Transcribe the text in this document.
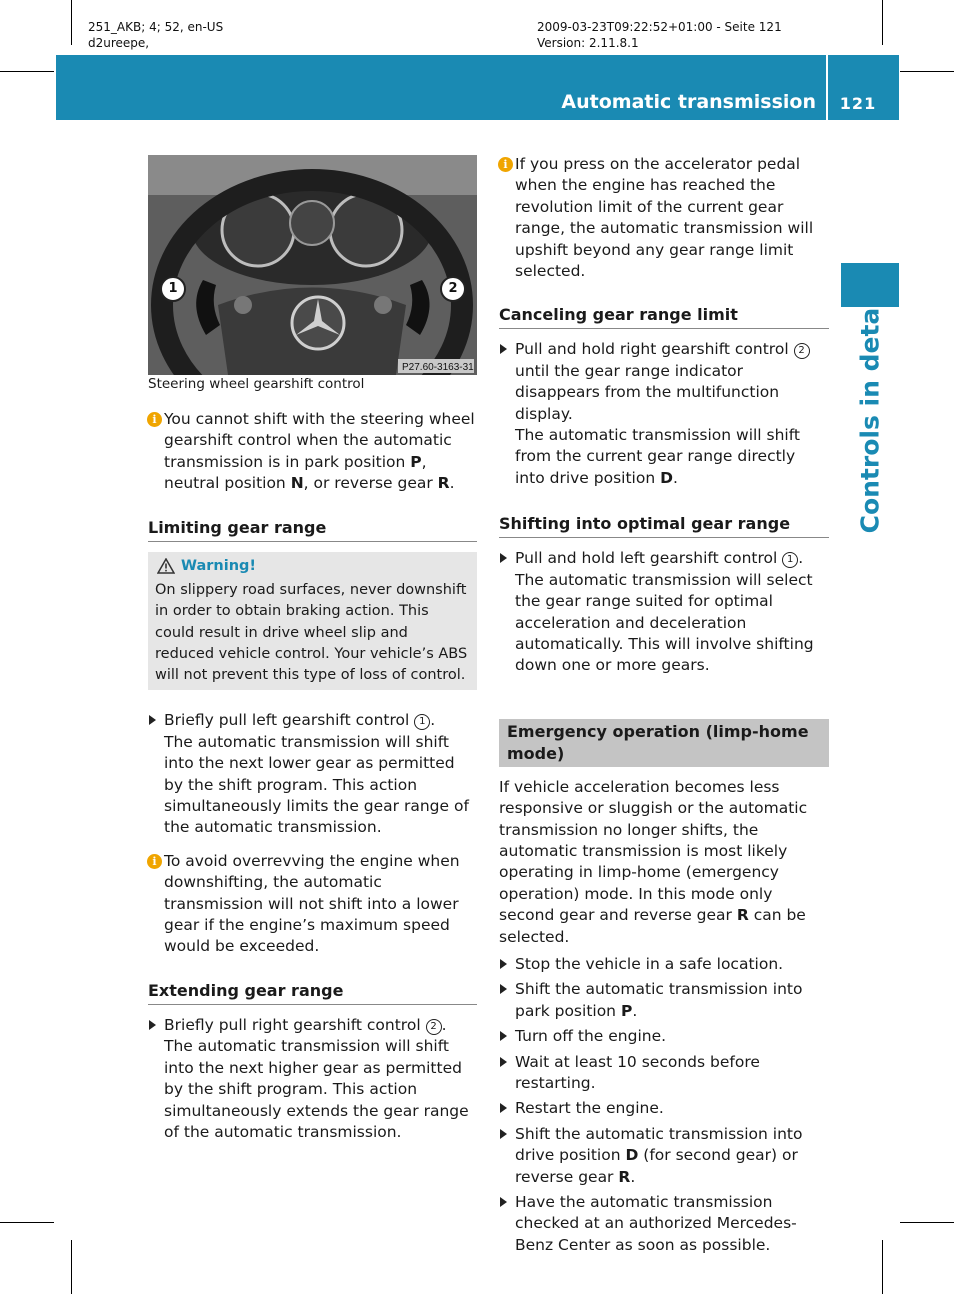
251_AKB; 4; 52, en-US
d2ureepe,
2009-03-23T09:22:52+01:00 - Seite 121
Version: 2.11.8.1
Automatic transmission	121
Controls in detail
P27.60-3163-31
1	2

Steering wheel gearshift control

i You cannot shift with the steering wheel gearshift control when the automatic transmission is in park position P, neutral position N, or reverse gear R.

Limiting gear range
Warning!
On slippery road surfaces, never downshift in order to obtain braking action. This could result in drive wheel slip and reduced vehicle control. Your vehicle’s ABS will not prevent this type of loss of control.

Briefly pull left gearshift control 1 .

The automatic transmission will shift into the next lower gear as permitted by the shift program. This action simultaneously limits the gear range of the automatic transmission.

i To avoid overrevving the engine when downshifting, the automatic transmission will not shift into a lower gear if the engine’s maximum speed would be exceeded.

Extending gear range

Briefly pull right gearshift control 2 .

The automatic transmission will shift into the next higher gear as permitted by the shift program. This action simultaneously extends the gear range of the automatic transmission.

i If you press on the accelerator pedal when the engine has reached the revolution limit of the current gear range, the automatic transmission will upshift beyond any gear range limit selected.

Canceling gear range limit

Pull and hold right gearshift control 2 until the gear range indicator disappears from the multifunction display.

The automatic transmission will shift from the current gear range directly into drive position D.

Shifting into optimal gear range

Pull and hold left gearshift control 1 .

The automatic transmission will select the gear range suited for optimal acceleration and deceleration automatically. This will involve shifting down one or more gears.

Emergency operation (limp-home mode)

If vehicle acceleration becomes less responsive or sluggish or the automatic transmission no longer shifts, the automatic transmission is most likely operating in limp-home (emergency operation) mode. In this mode only second gear and reverse gear R can be selected.

Stop the vehicle in a safe location.

Shift the automatic transmission into park position P.

Turn off the engine.

Wait at least 10 seconds before restarting.

Restart the engine.

Shift the automatic transmission into drive position D (for second gear) or reverse gear R.

Have the automatic transmission checked at an authorized Mercedes-Benz Center as soon as possible.
